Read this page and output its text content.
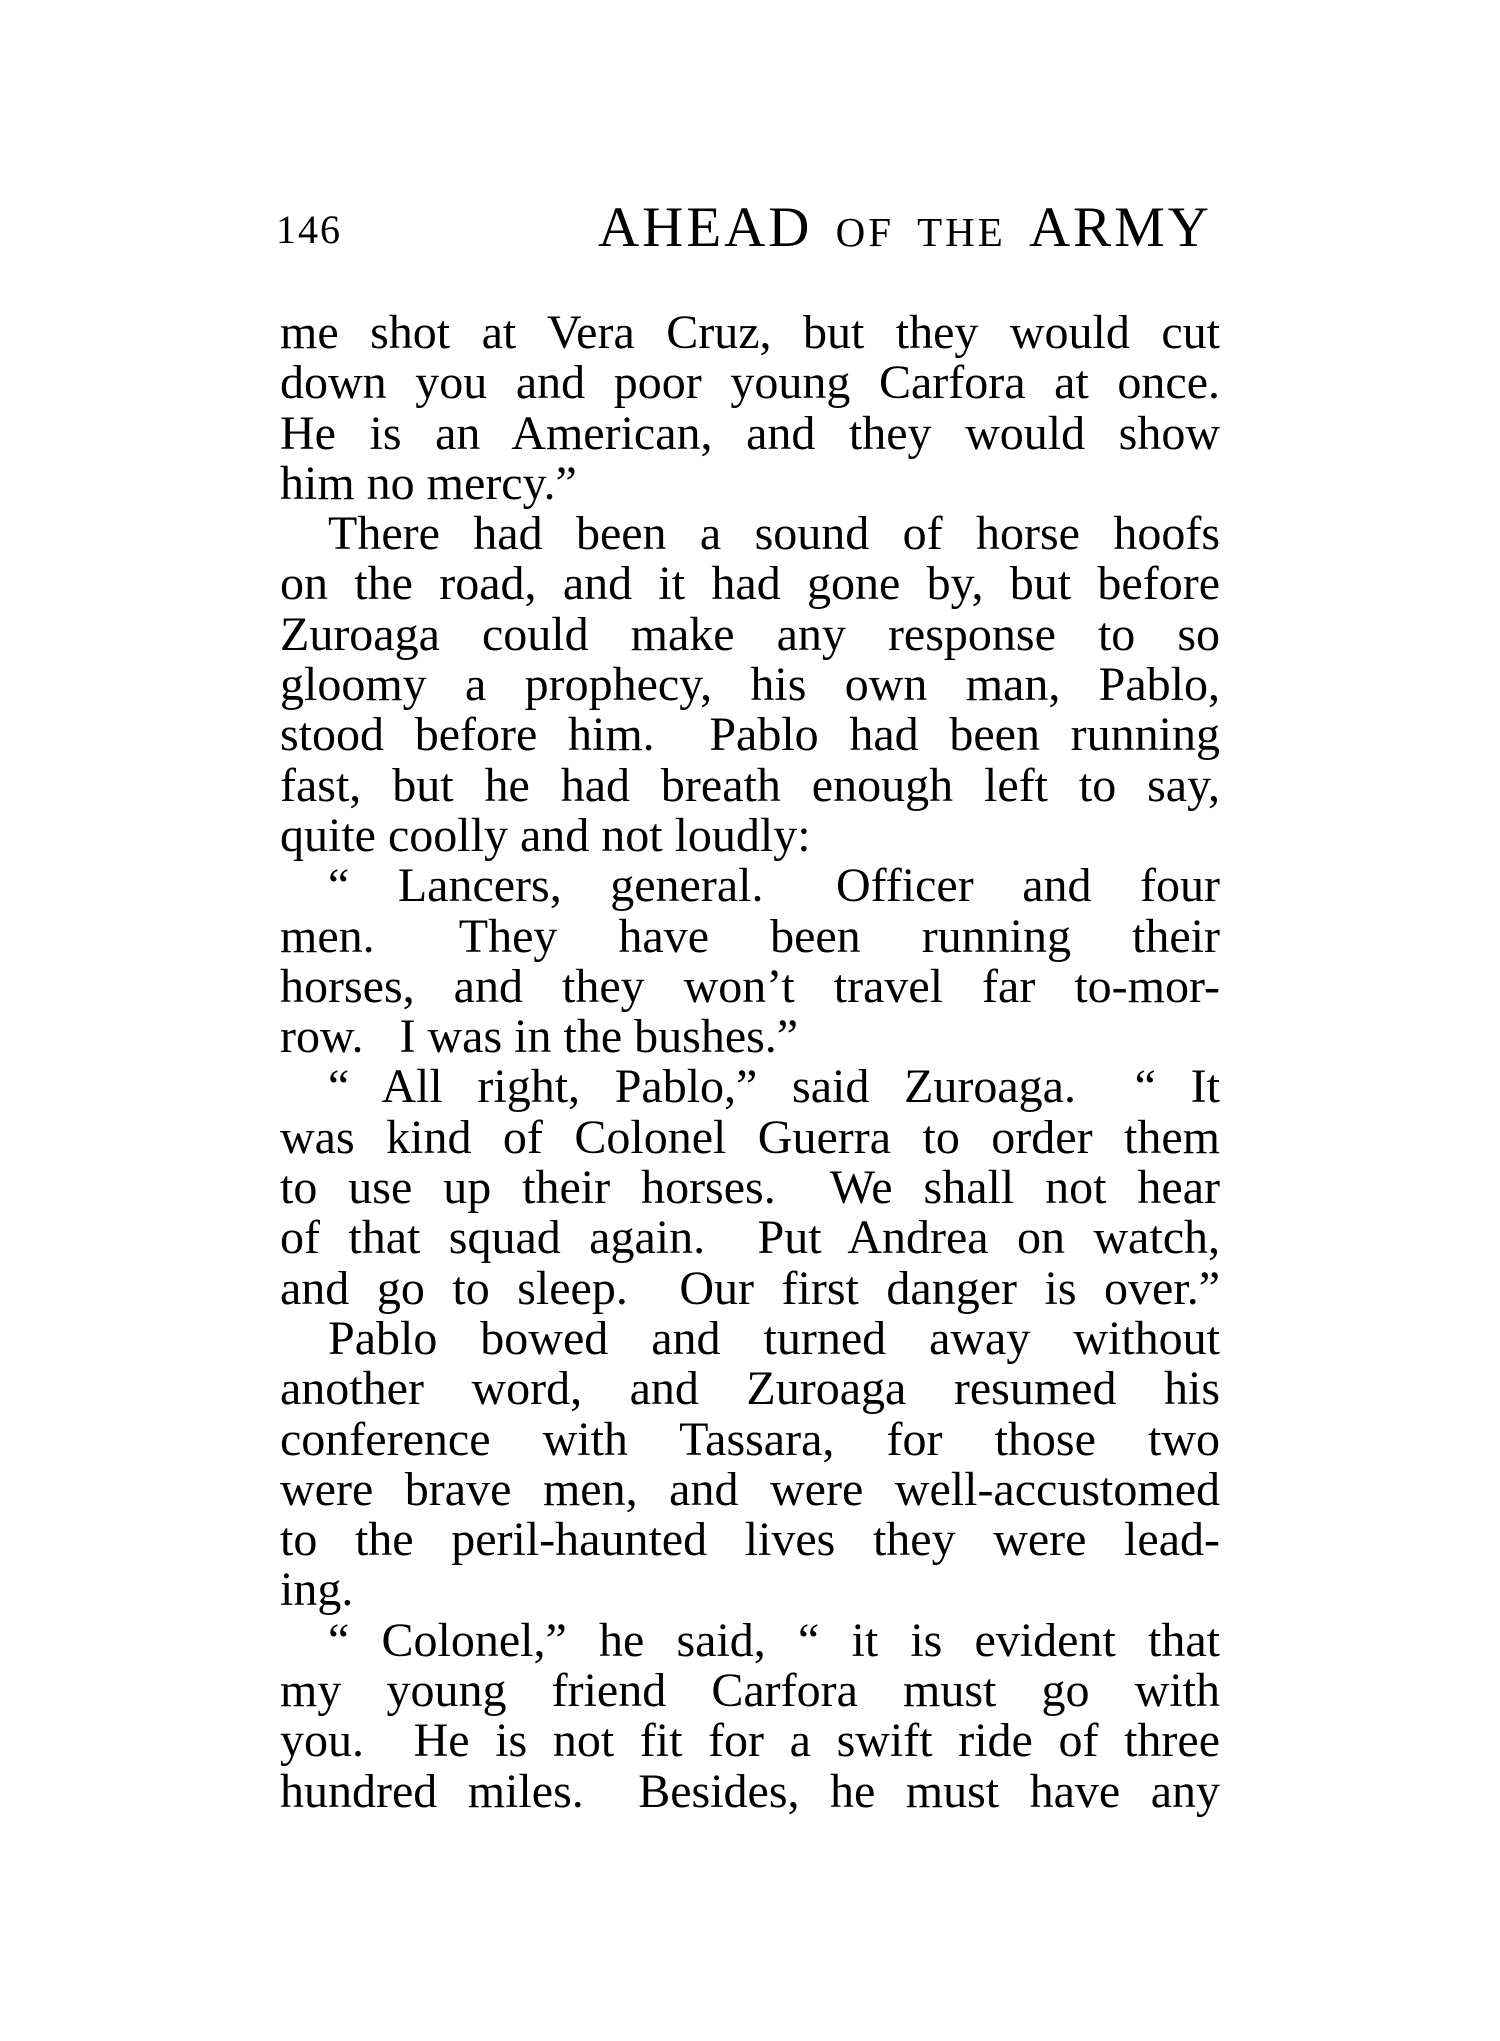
146	AHEAD OF THE ARMY
me shot at Vera Cruz, but they would cut
down you and poor young Carfora at once.
He is an American, and they would show
him no mercy.”
There had been a sound of horse hoofs
on the road, and it had gone by, but before
Zuroaga could make any response to so
gloomy a prophecy, his own man, Pablo,
stood before him.  Pablo had been running
fast, but he had breath enough left to say,
quite coolly and not loudly:
“ Lancers, general.  Officer and four
men.  They have been running their
horses, and they won’t travel far to-mor-
row.  I was in the bushes.”
“ All right, Pablo,” said Zuroaga.  “ It
was kind of Colonel Guerra to order them
to use up their horses.  We shall not hear
of that squad again.  Put Andrea on watch,
and go to sleep.  Our first danger is over.”
Pablo bowed and turned away without
another word, and Zuroaga resumed his
conference with Tassara, for those two
were brave men, and were well-accustomed
to the peril-haunted lives they were lead-
ing.
“ Colonel,” he said, “ it is evident that
my young friend Carfora must go with
you.  He is not fit for a swift ride of three
hundred miles.  Besides, he must have any
